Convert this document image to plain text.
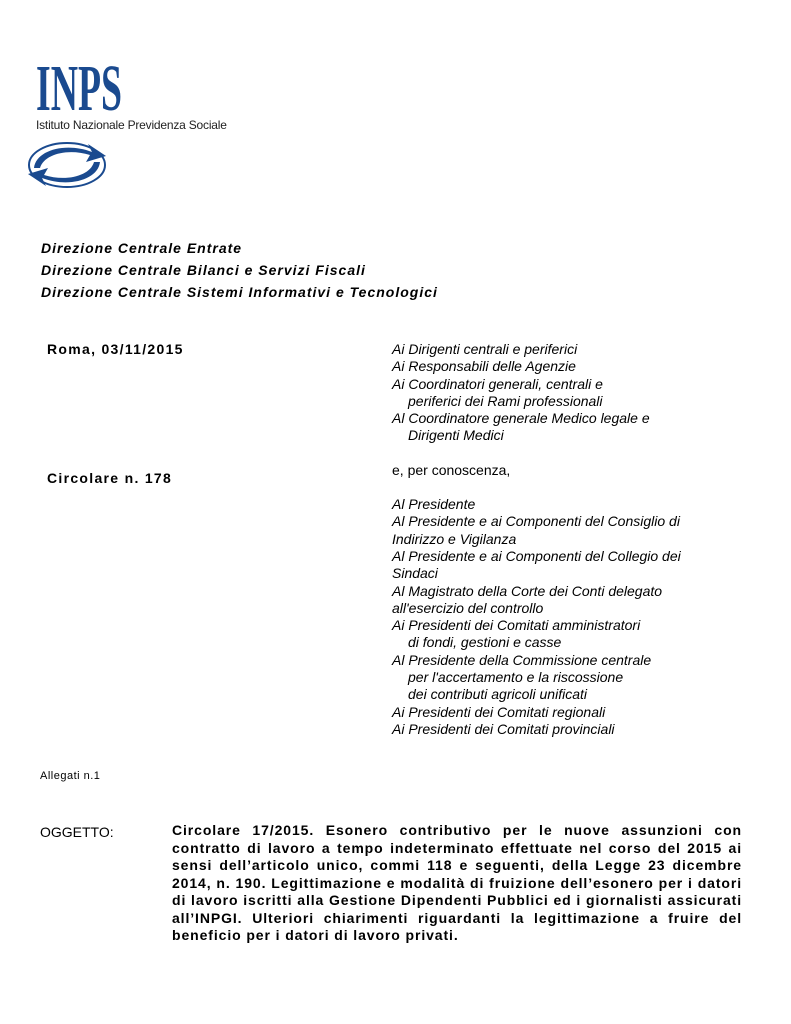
INPS
Istituto Nazionale Previdenza Sociale
Direzione Centrale Entrate
Direzione Centrale Bilanci e Servizi Fiscali
Direzione Centrale Sistemi Informativi e Tecnologici
Roma, 03/11/2015
Circolare n. 178
Ai Dirigenti centrali e periferici
Ai Responsabili delle Agenzie
Ai Coordinatori generali, centrali e
periferici dei Rami professionali
Al Coordinatore generale Medico legale e
Dirigenti Medici
e, per conoscenza,
Al Presidente
Al Presidente e ai Componenti del Consiglio di
Indirizzo e Vigilanza
Al Presidente e ai Componenti del Collegio dei
Sindaci
Al Magistrato della Corte dei Conti delegato
all'esercizio del controllo
Ai Presidenti dei Comitati amministratori
di fondi, gestioni e casse
Al Presidente della Commissione centrale
per l'accertamento e la riscossione
dei contributi agricoli unificati
Ai Presidenti dei Comitati regionali
Ai Presidenti dei Comitati provinciali
Allegati n.1
OGGETTO:	Circolare 17/2015. Esonero contributivo per le nuove assunzioni con contratto di lavoro a tempo indeterminato effettuate nel corso del 2015 ai sensi dell’articolo unico, commi 118 e seguenti, della Legge 23 dicembre 2014, n. 190. Legittimazione e modalità di fruizione dell’esonero per i datori di lavoro iscritti alla Gestione Dipendenti Pubblici ed i giornalisti assicurati all’INPGI. Ulteriori chiarimenti riguardanti la legittimazione a fruire del beneficio per i datori di lavoro privati.
